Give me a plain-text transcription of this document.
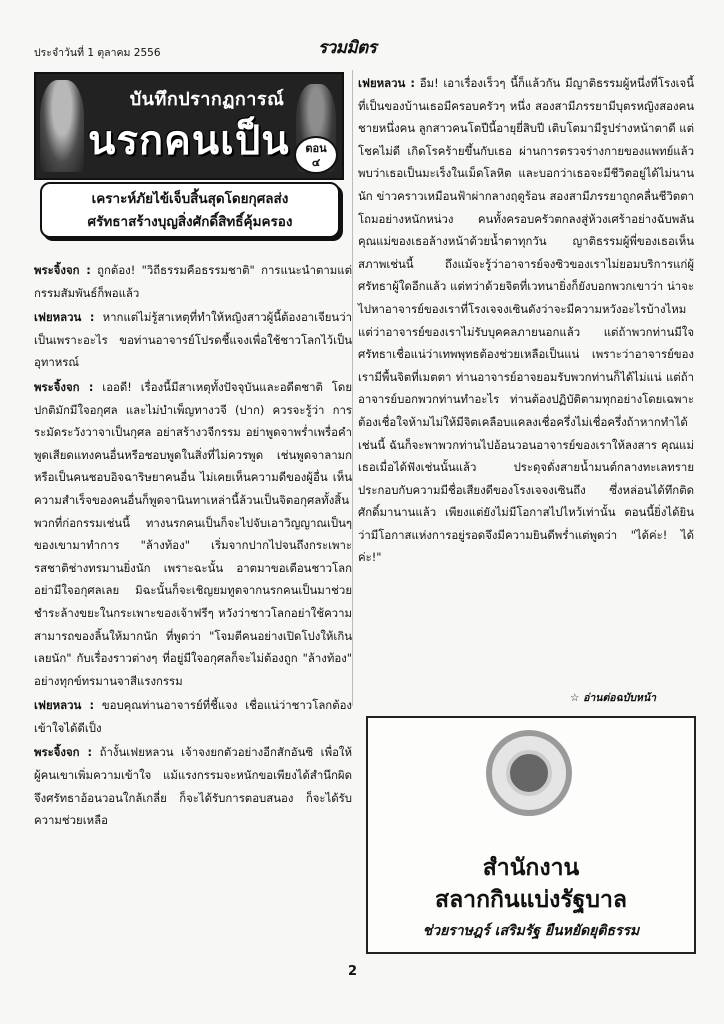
ประจำวันที่ 1 ตุลาคม 2556	รวมมิตร
บันทึกปรากฏการณ์
นรกคนเป็น	ตอน
๔
เคราะห์ภัยไข้เจ็บสิ้นสุดโดยกุศลส่ง
ศรัทธาสร้างบุญสิ่งศักดิ์สิทธิ์คุ้มครอง

พระจิ้งจก : ถูกต้อง! "วิถีธรรมคือธรรมชาติ" การแนะนำตามแต่กรรมสัมพันธ์ก็พอแล้ว

เฟยหลวน : หากแต่ไม่รู้สาเหตุที่ทำให้หญิงสาวผู้นี้ต้องอาเจียนว่าเป็นเพราะอะไร ขอท่านอาจารย์โปรดชี้แจงเพื่อใช้ชาวโลกไว้เป็นอุทาหรณ์

พระจิ้งจก : เออดี! เรื่องนี้มีสาเหตุทั้งปัจจุบันและอดีตชาติ โดยปกติมักมีใจอกุศล และไม่บำเพ็ญทางวจี (ปาก) ควรจะรู้ว่า การระมัดระวังวาจาเป็นกุศล อย่าสร้างวจีกรรม อย่าพูดจาพร่ำเพรื่อคำพูดเสียดแทงคนอื่นหรือชอบพูดในสิ่งที่ไม่ควรพูด เช่นพูดจาลามกหรือเป็นคนชอบอิจฉาริษยาคนอื่น ไม่เคยเห็นความดีของผู้อื่น เห็นความสำเร็จของคนอื่นก็พูดจานินทาเหล่านี้ล้วนเป็นจิตอกุศลทั้งสิ้น พวกที่ก่อกรรมเช่นนี้ ทางนรกคนเป็นก็จะไปจับเอาวิญญาณเป็นๆ ของเขามาทำการ "ล้างท้อง" เริ่มจากปากไปจนถึงกระเพาะ รสชาติช่างทรมานยิ่งนัก เพราะฉะนั้น อาตมาขอเตือนชาวโลก อย่ามีใจอกุศลเลย มิฉะนั้นก็จะเชิญยมทูตจากนรกคนเป็นมาช่วยชำระล้างขยะในกระเพาะของเจ้าฟรีๆ หวังว่าชาวโลกอย่าใช้ความสามารถของลิ้นให้มากนัก ที่พูดว่า "โจมตีคนอย่างเปิดโปงให้เกินเลยนัก" กับเรื่องราวต่างๆ ที่อยู่มีใจอกุศลก็จะไม่ต้องถูก "ล้างท้อง" อย่างทุกข์ทรมานจาสีแรงกรรม

เฟยหลวน : ขอบคุณท่านอาจารย์ที่ชี้แจง เชื่อแน่ว่าชาวโลกต้องเข้าใจได้ดีเป็ง

พระจิ้งจก : ถ้างั้นเฟยหลวน เจ้าจงยกตัวอย่างอีกสักอันซิ เพื่อให้ผู้คนเขาเพิ่มความเข้าใจ แม้แรงกรรมจะหนักขอเพียงได้สำนึกผิดจึงศรัทธาอ้อนวอนใกล้เกลี่ย ก็จะได้รับการตอบสนอง ก็จะได้รับความช่วยเหลือ

เฟยหลวน : อืม! เอาเรื่องเร็วๆ นี้ก็แล้วกัน มีญาติธรรมผู้หนึ่งที่โรงเจนี้ที่เป็นของบ้านเธอมีครอบครัวๆ หนึ่ง สองสามีภรรยามีบุตรหญิงสองคนชายหนึ่งคน ลูกสาวคนโตปีนี้อายุยี่สิบปี เติบโตมามีรูปร่างหน้าตาดี แต่โชคไม่ดี เกิดโรคร้ายขึ้นกับเธอ ผ่านการตรวจร่างกายของแพทย์แล้วพบว่าเธอเป็นมะเร็งในเม็ดโลหิต และบอกว่าเธอจะมีชีวิตอยู่ได้ไม่นานนัก ข่าวคราวเหมือนฟ้าผ่ากลางฤดูร้อน สองสามีภรรยาถูกคลื่นชีวิตตาโถมอย่างหนักหน่วง คนทั้งครอบครัวตกลงสู่ห้วงเศร้าอย่างฉับพลัน คุณแม่ของเธอล้างหน้าด้วยน้ำตาทุกวัน ญาติธรรมผู้พี่ของเธอเห็นสภาพเช่นนี้ ถึงแม้จะรู้ว่าอาจารย์จงซิวของเราไม่ยอมบริการแก่ผู้ศรัทธาผู้ใดอีกแล้ว แต่ทว่าด้วยจิตที่เวทนายิ่งก็ยังบอกพวกเขาว่า น่าจะไปหาอาจารย์ของเราที่โรงเจจงเซินดังว่าจะมีความหวังอะไรบ้างไหม แต่ว่าอาจารย์ของเราไม่รับบุคคลภายนอกแล้ว แต่ถ้าพวกท่านมีใจศรัทธาเชื่อแน่ว่าเทพพุทธต้องช่วยเหลือเป็นแน่ เพราะว่าอาจารย์ของเรามีพื้นจิตที่เมตตา ท่านอาจารย์อาจยอมรับพวกท่านก็ได้ไม่แน่ แต่ถ้าอาจารย์บอกพวกท่านทำอะไร ท่านต้องปฏิบัติตามทุกอย่างโดยเฉพาะต้องเชื่อใจห้ามไม่ให้มีจิตเคลือบแคลงเชื่อครึ่งไม่เชื่อครึ่งถ้าหากทำได้เช่นนี้ ฉันก็จะพาพวกท่านไปอ้อนวอนอาจารย์ของเราให้ลงสาร คุณแม่เธอเมื่อได้ฟังเช่นนั้นแล้ว ประดุจดั่งสายน้ำมนต์กลางทะเลทราย ประกอบกับความมีชื่อเสียงดีของโรงเจจงเซินถึง ซึ่งหล่อนได้ทึกติดศักดิ์มานานแล้ว เพียงแต่ยังไม่มีโอกาสไปไหว้เท่านั้น ตอนนี้ยิ่งได้ยินว่ามีโอกาสแห่งการอยู่รอดจึงมีความยินดีพร่ำแต่พูดว่า "ได้ค่ะ! ได้ค่ะ!"

☆ อ่านต่อฉบับหน้า
สำนักงาน
สลากกินแบ่งรัฐบาล
ช่วยราษฎร์ เสริมรัฐ ยืนหยัดยุติธรรม
2
